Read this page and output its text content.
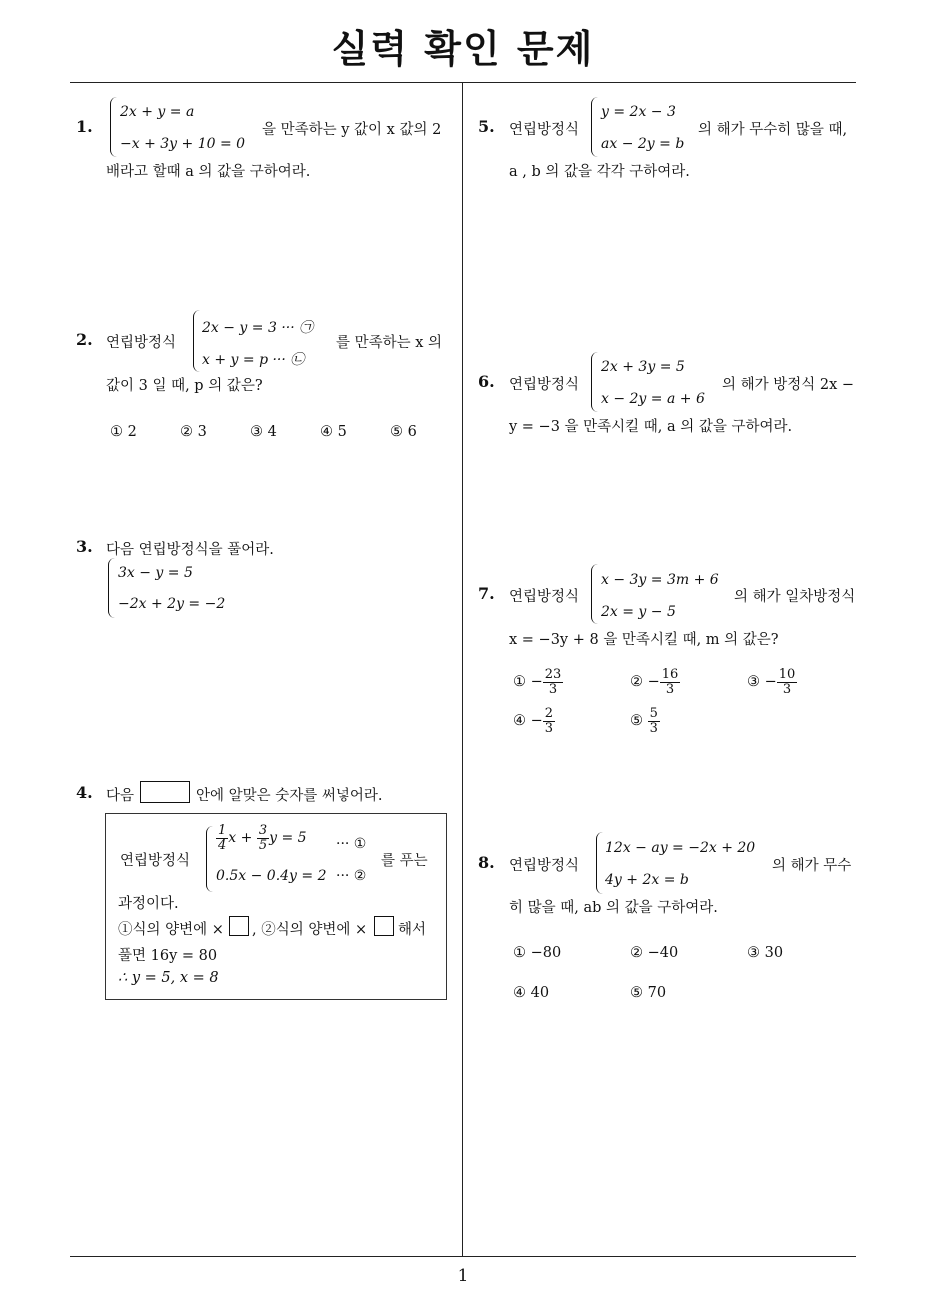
실력 확인 문제
1
1.
2x + y = a
−x + 3y + 10 = 0
을 만족하는 y 값이 x 값의 2
배라고 할때 a 의 값을 구하여라.
2. 연립방정식
2x − y = 3 ··· ㉠
x + y = p ··· ㉡
를 만족하는 x 의
값이 3 일 때, p 의 값은?
① 2	② 3	③ 4	④ 5	⑤ 6
3. 다음 연립방정식을 풀어라.
3x − y = 5
−2x + 2y = −2
4. 다음	안에 알맞은 숫자를 써넣어라.
연립방정식
$\frac{1}{4}$ $x + \frac{3}{5}$ y = 5 ··· ①
0.5x − 0.4y = 2 ··· ②
를 푸는
과정이다.
①식의 양변에 × , ②식의 양변에 × 해서
풀면 16y = 80
∴ y = 5, x = 8
5. 연립방정식
y = 2x − 3
ax − 2y = b
의 해가 무수히 많을 때,
a , b 의 값을 각각 구하여라.
6. 연립방정식
2x + 3y = 5
x − 2y = a + 6
의 해가 방정식 2x −
y = −3 을 만족시킬 때, a 의 값을 구하여라.
7. 연립방정식
x − 3y = 3m + 6
2x = y − 5
의 해가 일차방정식
x = −3y + 8 을 만족시킬 때, m 의 값은?
① − $\frac{23}{3}$	② − $\frac{16}{3}$	③ − $\frac{10}{3}$
④ − $\frac{2}{3}$	⑤ $\frac{5}{3}$
8. 연립방정식
12x − ay = −2x + 20
4y + 2x = b
의 해가 무수
히 많을 때, ab 의 값을 구하여라.
① −80	② −40	③ 30
④ 40	⑤ 70
